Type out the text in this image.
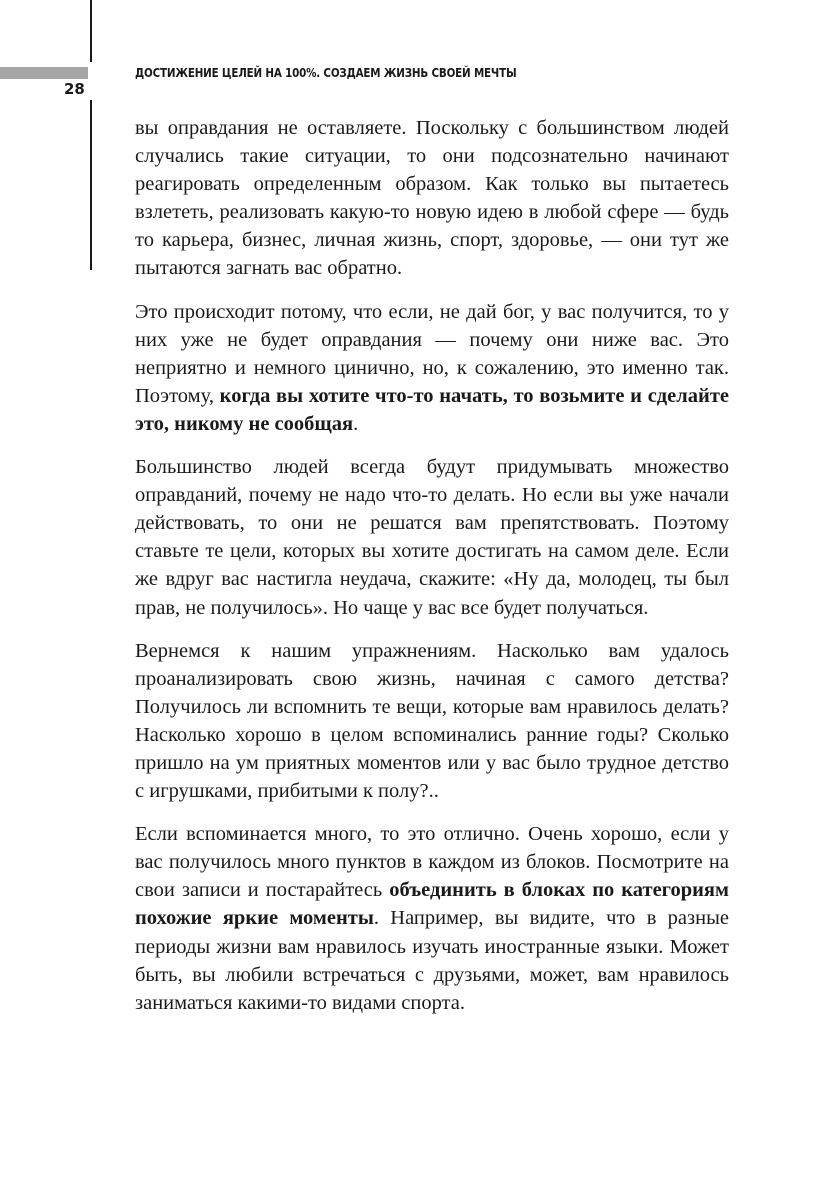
28
ДОСТИЖЕНИЕ ЦЕЛЕЙ НА 100%. СОЗДАЕМ ЖИЗНЬ СВОЕЙ МЕЧТЫ

вы оправдания не оставляете. Поскольку с большинством людей случались такие ситуации, то они подсознательно начинают реагировать определенным образом. Как только вы пытаетесь взлететь, реализовать какую-то новую идею в любой сфере — будь то карьера, бизнес, личная жизнь, спорт, здоровье, — они тут же пытаются загнать вас обратно.

Это происходит потому, что если, не дай бог, у вас получится, то у них уже не будет оправдания — почему они ниже вас. Это неприятно и немного цинично, но, к сожалению, это именно так. Поэтому, когда вы хотите что-то начать, то возьмите и сделайте это, никому не сообщая.

Большинство людей всегда будут придумывать множество оправданий, почему не надо что-то делать. Но если вы уже начали действовать, то они не решатся вам препятствовать. Поэтому ставьте те цели, которых вы хотите достигать на самом деле. Если же вдруг вас настигла неудача, скажите: «Ну да, молодец, ты был прав, не получилось». Но чаще у вас все будет получаться.

Вернемся к нашим упражнениям. Насколько вам удалось проанализировать свою жизнь, начиная с самого детства? Получилось ли вспомнить те вещи, которые вам нравилось делать? Насколько хорошо в целом вспоминались ранние годы? Сколько пришло на ум приятных моментов или у вас было трудное детство с игрушками, прибитыми к полу?..

Если вспоминается много, то это отлично. Очень хорошо, если у вас получилось много пунктов в каждом из блоков. Посмотрите на свои записи и постарайтесь объединить в блоках по категориям похожие яркие моменты. Например, вы видите, что в разные периоды жизни вам нравилось изучать иностранные языки. Может быть, вы любили встречаться с друзьями, может, вам нравилось заниматься какими-то видами спорта.
